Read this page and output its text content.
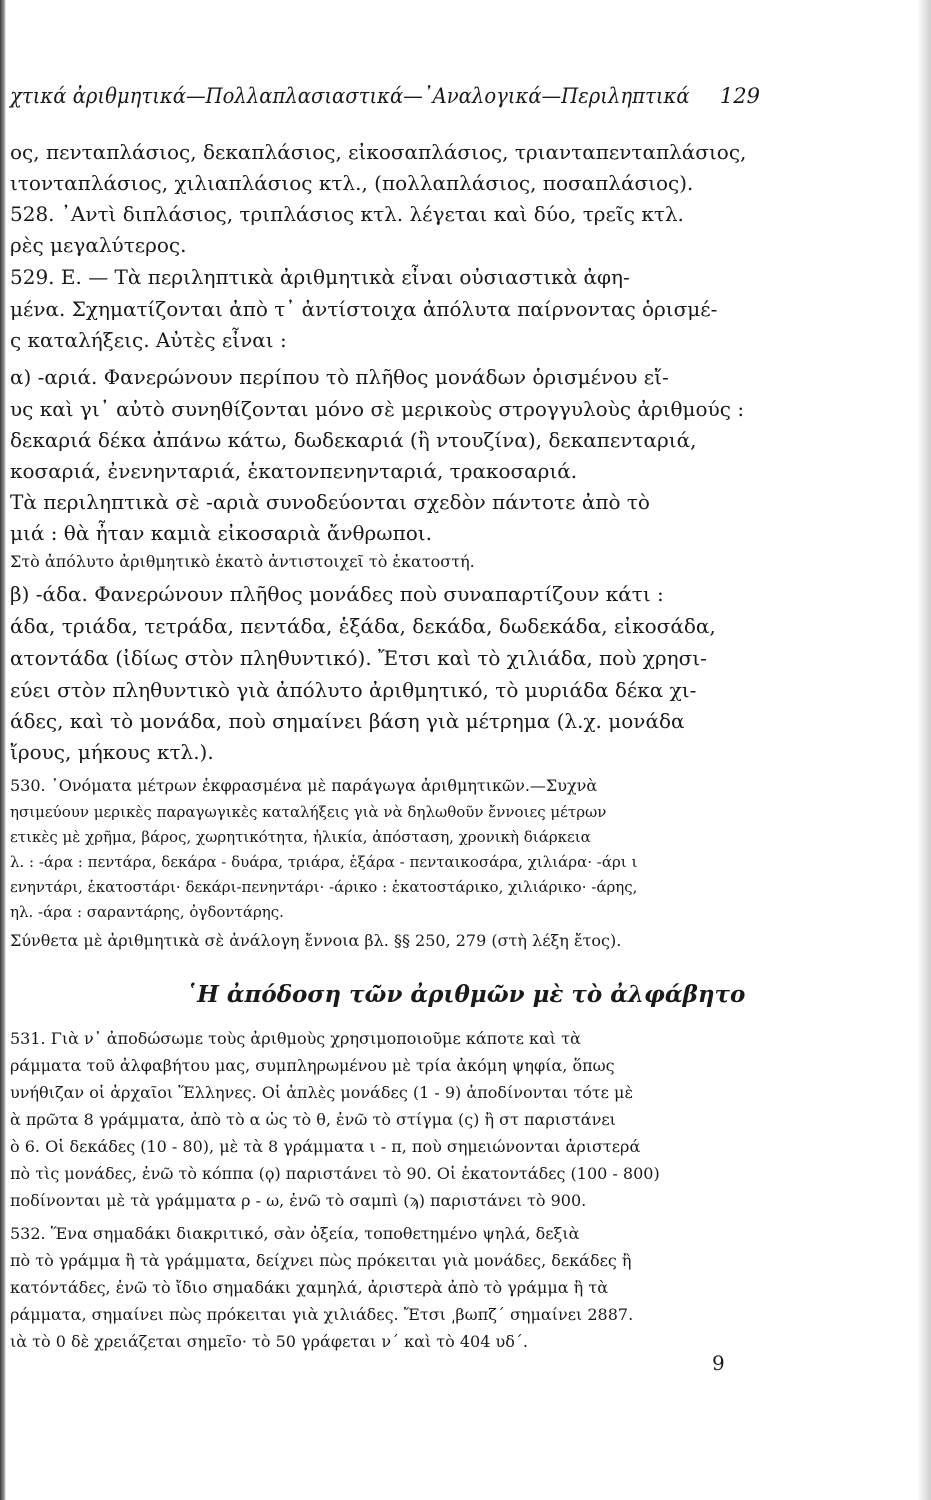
χτικά ἀριθμητικά—Πολλαπλασιαστικά—᾿Αναλογικά—Περιληπτικά 129
ος, πενταπλάσιος, δεκαπλάσιος, εἰκοσαπλάσιος, τριανταπενταπλάσιος,
ιτονταπλάσιος, χιλιαπλάσιος κτλ., (πολλαπλάσιος, ποσαπλάσιος).
528. ᾿Αντὶ διπλάσιος, τριπλάσιος κτλ. λέγεται καὶ δύο, τρεῖς κτλ.
ρὲς μεγαλύτερος.
529. Ε. — Τὰ περιληπτικὰ ἀριθμητικὰ εἶναι οὐσιαστικὰ ἀφη-
μένα. Σχηματίζονται ἀπὸ τ᾿ ἀντίστοιχα ἀπόλυτα παίρνοντας ὁρισμέ-
ς καταλήξεις. Αὐτὲς εἶναι :
α) -αριά. Φανερώνουν περίπου τὸ πλῆθος μονάδων ὁρισμένου εἴ-
υς καὶ γι᾿ αὐτὸ συνηθίζονται μόνο σὲ μερικοὺς στρογγυλοὺς ἀριθμούς :
δεκαριά δέκα ἀπάνω κάτω, δωδεκαριά (ἢ ντουζίνα), δεκαπενταριά,
κοσαριά, ἐνενηνταριά, ἑκατονπενηνταριά, τρακοσαριά.
Τὰ περιληπτικὰ σὲ -αριὰ συνοδεύονται σχεδὸν πάντοτε ἀπὸ τὸ
μιά : θὰ ἦταν καμιὰ εἰκοσαριὰ ἄνθρωποι.
Στὸ ἀπόλυτο ἀριθμητικὸ ἑκατὸ ἀντιστοιχεῖ τὸ ἑκατοστή.
β) -άδα. Φανερώνουν πλῆθος μονάδες ποὺ συναπαρτίζουν κάτι :
άδα, τριάδα, τετράδα, πεντάδα, ἑξάδα, δεκάδα, δωδεκάδα, εἰκοσάδα,
ατοντάδα (ἰδίως στὸν πληθυντικό). Ἔτσι καὶ τὸ χιλιάδα, ποὺ χρησι-
εύει στὸν πληθυντικὸ γιὰ ἀπόλυτο ἀριθμητικό, τὸ μυριάδα δέκα χι-
άδες, καὶ τὸ μονάδα, ποὺ σημαίνει βάση γιὰ μέτρημα (λ.χ. μονάδα
ἴρους, μήκους κτλ.).
530. ᾿Ονόματα μέτρων ἐκφρασμένα μὲ παράγωγα ἀριθμητικῶν.—Συχνὰ
ησιμεύουν μερικὲς παραγωγικὲς καταλήξεις γιὰ νὰ δηλωθοῦν ἔννοιες μέτρων
ετικὲς μὲ χρῆμα, βάρος, χωρητικότητα, ἡλικία, ἀπόσταση, χρονικὴ διάρκεια
λ. : -άρα : πεντάρα, δεκάρα - δυάρα, τριάρα, ἑξάρα - πενταικοσάρα, χιλιάρα· -άρι ι
ενηντάρι, ἑκατοστάρι· δεκάρι-πενηντάρι· -άρικο : ἑκατοστάρικο, χιλιάρικο· -άρης,
ηλ. -άρα : σαραντάρης, ὀγδοντάρης.
Σύνθετα μὲ ἀριθμητικὰ σὲ ἀνάλογη ἔννοια βλ. §§ 250, 279 (στὴ λέξη ἔτος).
῾Η ἀπόδοση τῶν ἀριθμῶν μὲ τὸ ἀλφάβητο
531. Γιὰ ν᾿ ἀποδώσωμε τοὺς ἀριθμοὺς χρησιμοποιοῦμε κάποτε καὶ τὰ
ράμματα τοῦ ἀλφαβήτου μας, συμπληρωμένου μὲ τρία ἀκόμη ψηφία, ὅπως
υνήθιζαν οἱ ἀρχαῖοι Ἕλληνες. Οἱ ἁπλὲς μονάδες (1 - 9) ἀποδίνονται τότε μὲ
ὰ πρῶτα 8 γράμματα, ἀπὸ τὸ α ὡς τὸ θ, ἐνῶ τὸ στίγμα (ς) ἢ στ παριστάνει
ὸ 6. Οἱ δεκάδες (10 - 80), μὲ τὰ 8 γράμματα ι - π, ποὺ σημειώνονται ἀριστερά
πὸ τὶς μονάδες, ἐνῶ τὸ κόππα (ϙ) παριστάνει τὸ 90. Οἱ ἑκατοντάδες (100 - 800)
ποδίνονται μὲ τὰ γράμματα ρ - ω, ἐνῶ τὸ σαμπὶ (ϡ) παριστάνει τὸ 900.
532. Ἕνα σημαδάκι διακριτικό, σὰν ὀξεία, τοποθετημένο ψηλά, δεξιὰ
πὸ τὸ γράμμα ἢ τὰ γράμματα, δείχνει πὼς πρόκειται γιὰ μονάδες, δεκάδες ἢ
κατόντάδες, ἐνῶ τὸ ἴδιο σημαδάκι χαμηλά, ἀριστερὰ ἀπὸ τὸ γράμμα ἢ τὰ
ράμματα, σημαίνει πὼς πρόκειται γιὰ χιλιάδες. Ἔτσι ͵βωπζ´ σημαίνει 2887.
ιὰ τὸ 0 δὲ χρειάζεται σημεῖο· τὸ 50 γράφεται ν´ καὶ τὸ 404 υδ´.
9
